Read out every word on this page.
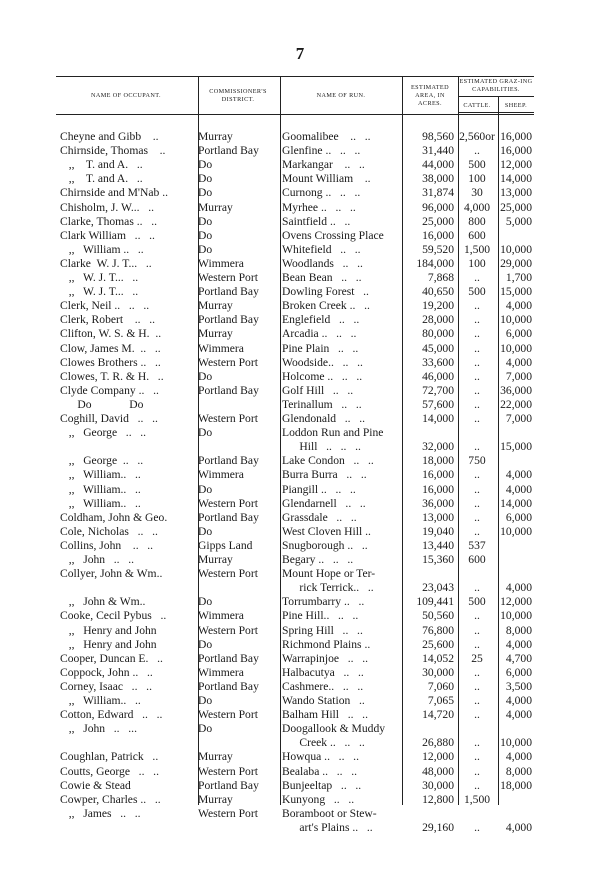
7
NAME OF OCCUPANT.
COMMISSIONER'S DISTRICT.
NAME OF RUN.
ESTIMATED AREA, IN ACRES.
ESTIMATED GRAZ-ING CAPABILITIES.
CATTLE.	SHEEP.
Cheyne and Gibb    ..	Murray	Goomalibee    ..   ..	98,560 2,560or 16,000
Chirnside, Thomas    ..	Portland Bay	Glenfine ..   ..   ..	31,440	..	16,000
,,    T. and A.   ..	Do	Markangar    ..   ..	44,000	500	12,000
,,    T. and A.   ..	Do	Mount William    ..	38,000	100	14,000
Chirnside and M'Nab ..	Do	Curnong ..   ..   ..	31,874	30	13,000
Chisholm, J. W...   ..	Murray	Myrhee ..   ..   ..	96,000 4,000 25,000
Clarke, Thomas ..   ..	Do	Saintfield ..   ..	25,000	800	5,000
Clark William   ..   ..	Do	Ovens Crossing Place	16,000	600
,,   William ..   ..	Do	Whitefield   ..   ..	59,520 1,500 10,000
Clarke  W. J. T...   ..	Wimmera	Woodlands   ..   ..	184,000	100	29,000
,,   W. J. T...   ..	Western Port	Bean Bean   ..   ..	7,868	..	1,700
,,   W. J. T...   ..	Portland Bay	Dowling Forest   ..	40,650	500	15,000
Clerk, Neil ..   ..   ..	Murray	Broken Creek ..   ..	19,200	..	4,000
Clerk, Robert    ..   ..	Portland Bay	Englefield   ..   ..	28,000	..	10,000
Clifton, W. S. & H.  ..	Murray	Arcadia ..   ..   ..	80,000	..	6,000
Clow, James M.  ..   ..	Wimmera	Pine Plain   ..   ..	45,000	..	10,000
Clowes Brothers ..   ..	Western Port	Woodside..   ..   ..	33,600	..	4,000
Clowes, T. R. & H.   ..	Do	Holcome ..   ..   ..	46,000	..	7,000
Clyde Company ..   ..	Portland Bay	Golf Hill   ..   ..	72,700	..	36,000
Do             Do	Terinallum   ..   ..	57,600	..	22,000
Coghill, David   ..   ..	Western Port	Glendonald   ..   ..	14,000	..	7,000
,,   George   ..   ..	Do	Loddon Run and Pine
Hill   ..   ..   ..	32,000	..	15,000
,,   George  ..   ..	Portland Bay	Lake Condon   ..   ..	18,000	750
,,   William..   ..	Wimmera	Burra Burra   ..   ..	16,000	..	4,000
,,   William..   ..	Do	Piangill ..   ..   ..	16,000	..	4,000
,,   William..   ..	Western Port	Glendarnell   ..   ..	36,000	..	14,000
Coldham, John & Geo.	Portland Bay	Grassdale   ..   ..	13,000	..	6,000
Cole, Nicholas   ..   ..	Do	West Cloven Hill ..	19,040	..	10,000
Collins, John    ..   ..	Gipps Land	Snugborough ..   ..	13,440	537
,,   John   ..   ..	Murray	Begary ..   ..   ..	15,360	600
Collyer, John & Wm..	Western Port	Mount Hope or Ter-
rick Terrick..   ..	23,043	..	4,000
,,   John & Wm..	Do	Torrumbarry ..   ..	109,441	500	12,000
Cooke, Cecil Pybus   ..	Wimmera	Pine Hill..   ..   ..	50,560	..	10,000
,,   Henry and John	Western Port	Spring Hill   ..   ..	76,800	..	8,000
,,   Henry and John	Do	Richmond Plains ..	25,600	..	4,000
Cooper, Duncan E.   ..	Portland Bay	Warrapinjoe   ..   ..	14,052	25	4,700
Coppock, John ..   ..	Wimmera	Halbacutya   ..   ..	30,000	..	6,000
Corney, Isaac   ..   ..	Portland Bay	Cashmere..   ..   ..	7,060	..	3,500
,,   William..   ..	Do	Wando Station   ..	7,065	..	4,000
Cotton, Edward   ..   ..	Western Port	Balham Hill   ..   ..	14,720	..	4,000
,,   John   ..   ...	Do	Doogallook & Muddy
Creek ..   ..   ..	26,880	..	10,000
Coughlan, Patrick   ..	Murray	Howqua ..   ..   ..	12,000	..	4,000
Coutts, George   ..   ..	Western Port	Bealaba ..   ..   ..	48,000	..	8,000
Cowie & Stead	Portland Bay	Bunjeeltap   ..   ..	30,000	..	18,000
Cowper, Charles ..   ..	Murray	Kunyong   ..   ..	12,800 1,500
,,   James   ..   ..	Western Port	Boramboot or Stew-
art's Plains ..   ..	29,160	..	4,000
